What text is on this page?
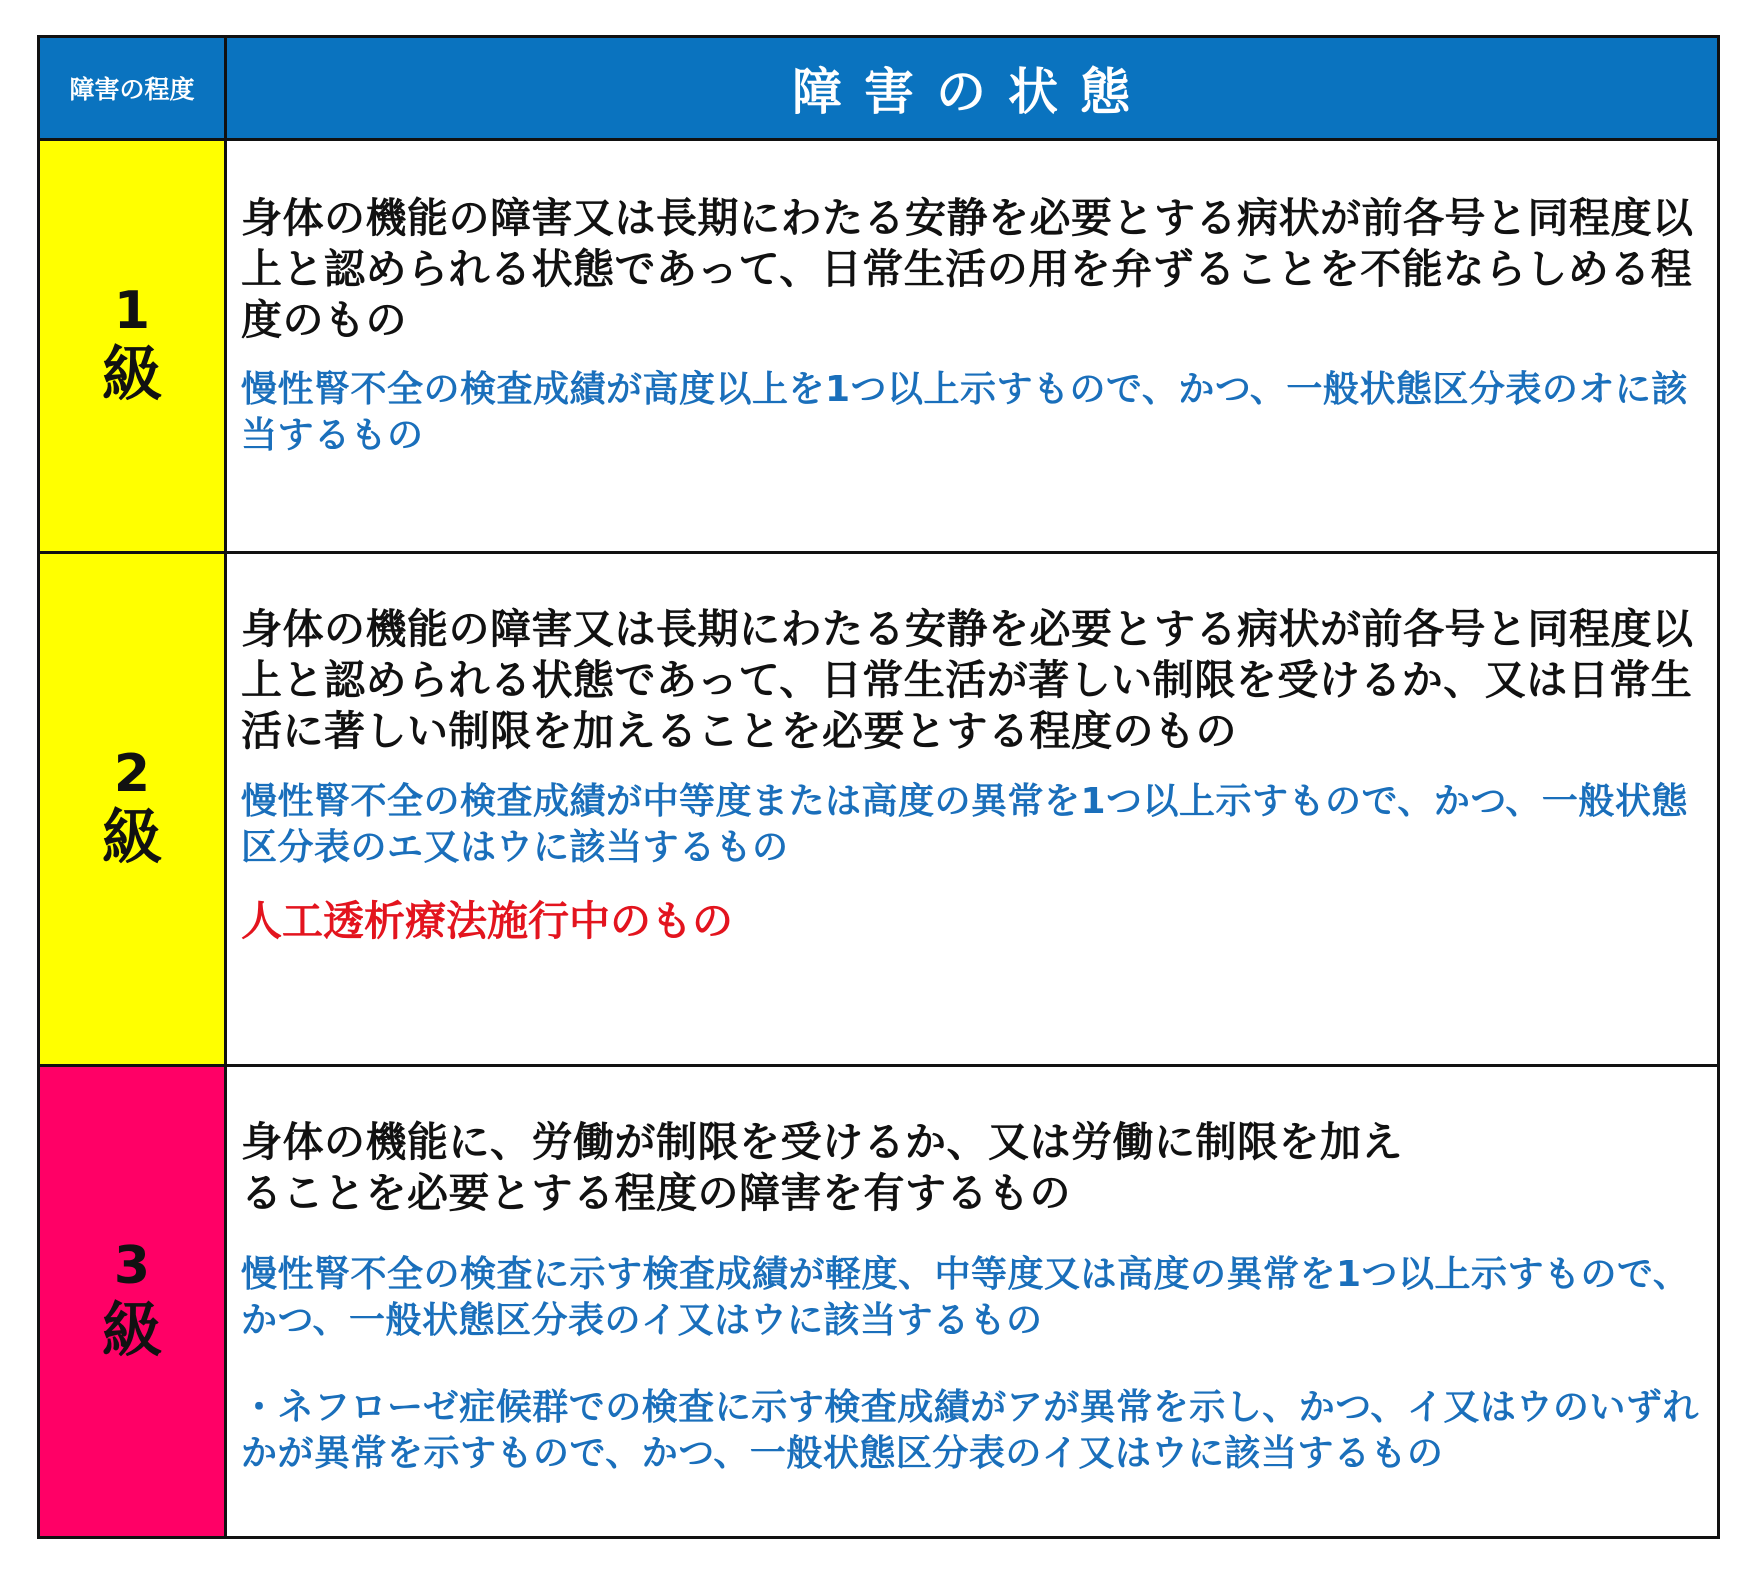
障害の程度	障害の状態
1
級
身体の機能の障害又は長期にわたる安静を必要とする病状が前各号と同程度以上と認められる状態であって、日常生活の用を弁ずることを不能ならしめる程度のもの
慢性腎不全の検査成績が高度以上を1つ以上示すもので、かつ、一般状態区分表のオに該当するもの
2
級
身体の機能の障害又は長期にわたる安静を必要とする病状が前各号と同程度以上と認められる状態であって、日常生活が著しい制限を受けるか、又は日常生活に著しい制限を加えることを必要とする程度のもの
慢性腎不全の検査成績が中等度または高度の異常を1つ以上示すもので、かつ、一般状態区分表のエ又はウに該当するもの
人工透析療法施行中のもの
3
級
身体の機能に、労働が制限を受けるか、又は労働に制限を加えることを必要とする程度の障害を有するもの
慢性腎不全の検査に示す検査成績が軽度、中等度又は高度の異常を1つ以上示すもので、かつ、一般状態区分表のイ又はウに該当するもの
・ネフローゼ症候群での検査に示す検査成績がアが異常を示し、かつ、イ又はウのいずれかが異常を示すもので、かつ、一般状態区分表のイ又はウに該当するもの
